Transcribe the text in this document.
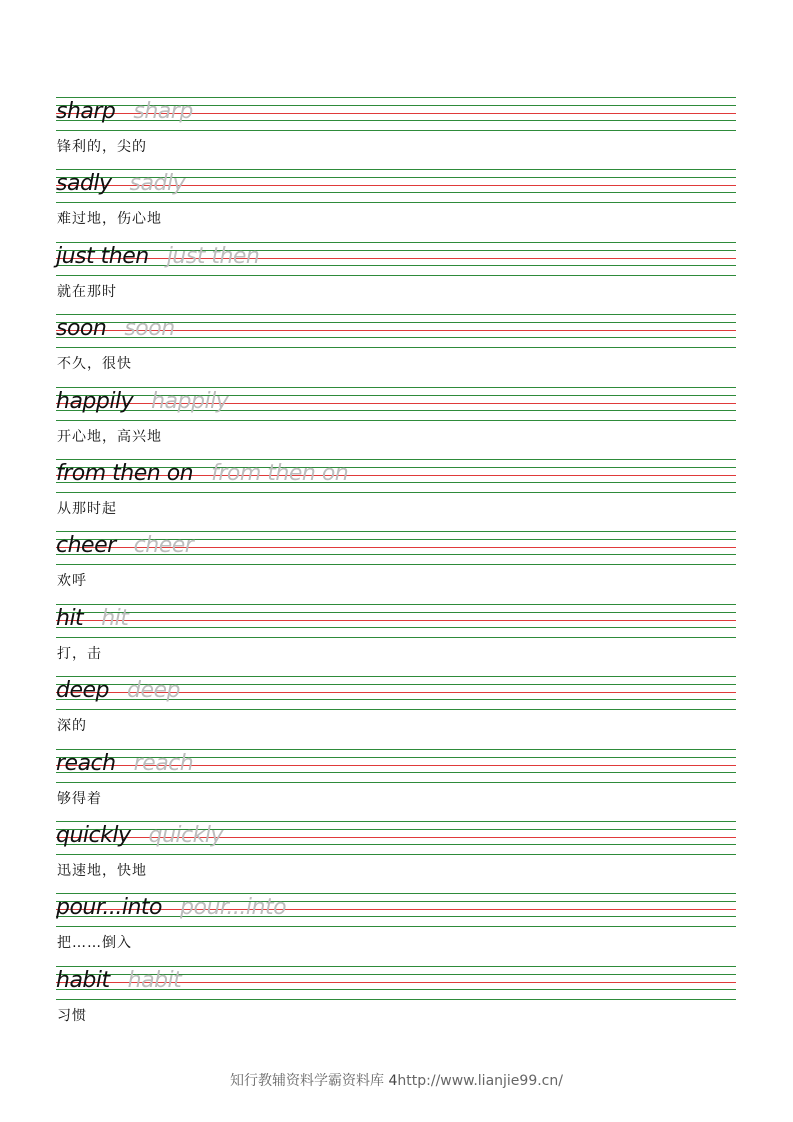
sharp sharp
锋利的，尖的
sadly sadly
难过地，伤心地
just then just then
就在那时
soon soon
不久，很快
happily happily
开心地，高兴地
from then on from then on
从那时起
cheer cheer
欢呼
hit hit
打，击
deep deep
深的
reach reach
够得着
quickly quickly
迅速地，快地
pour...into pour...into
把……倒入
habit habit
习惯
知行教辅资料学霸资料库 4http://www.lianjie99.cn/
